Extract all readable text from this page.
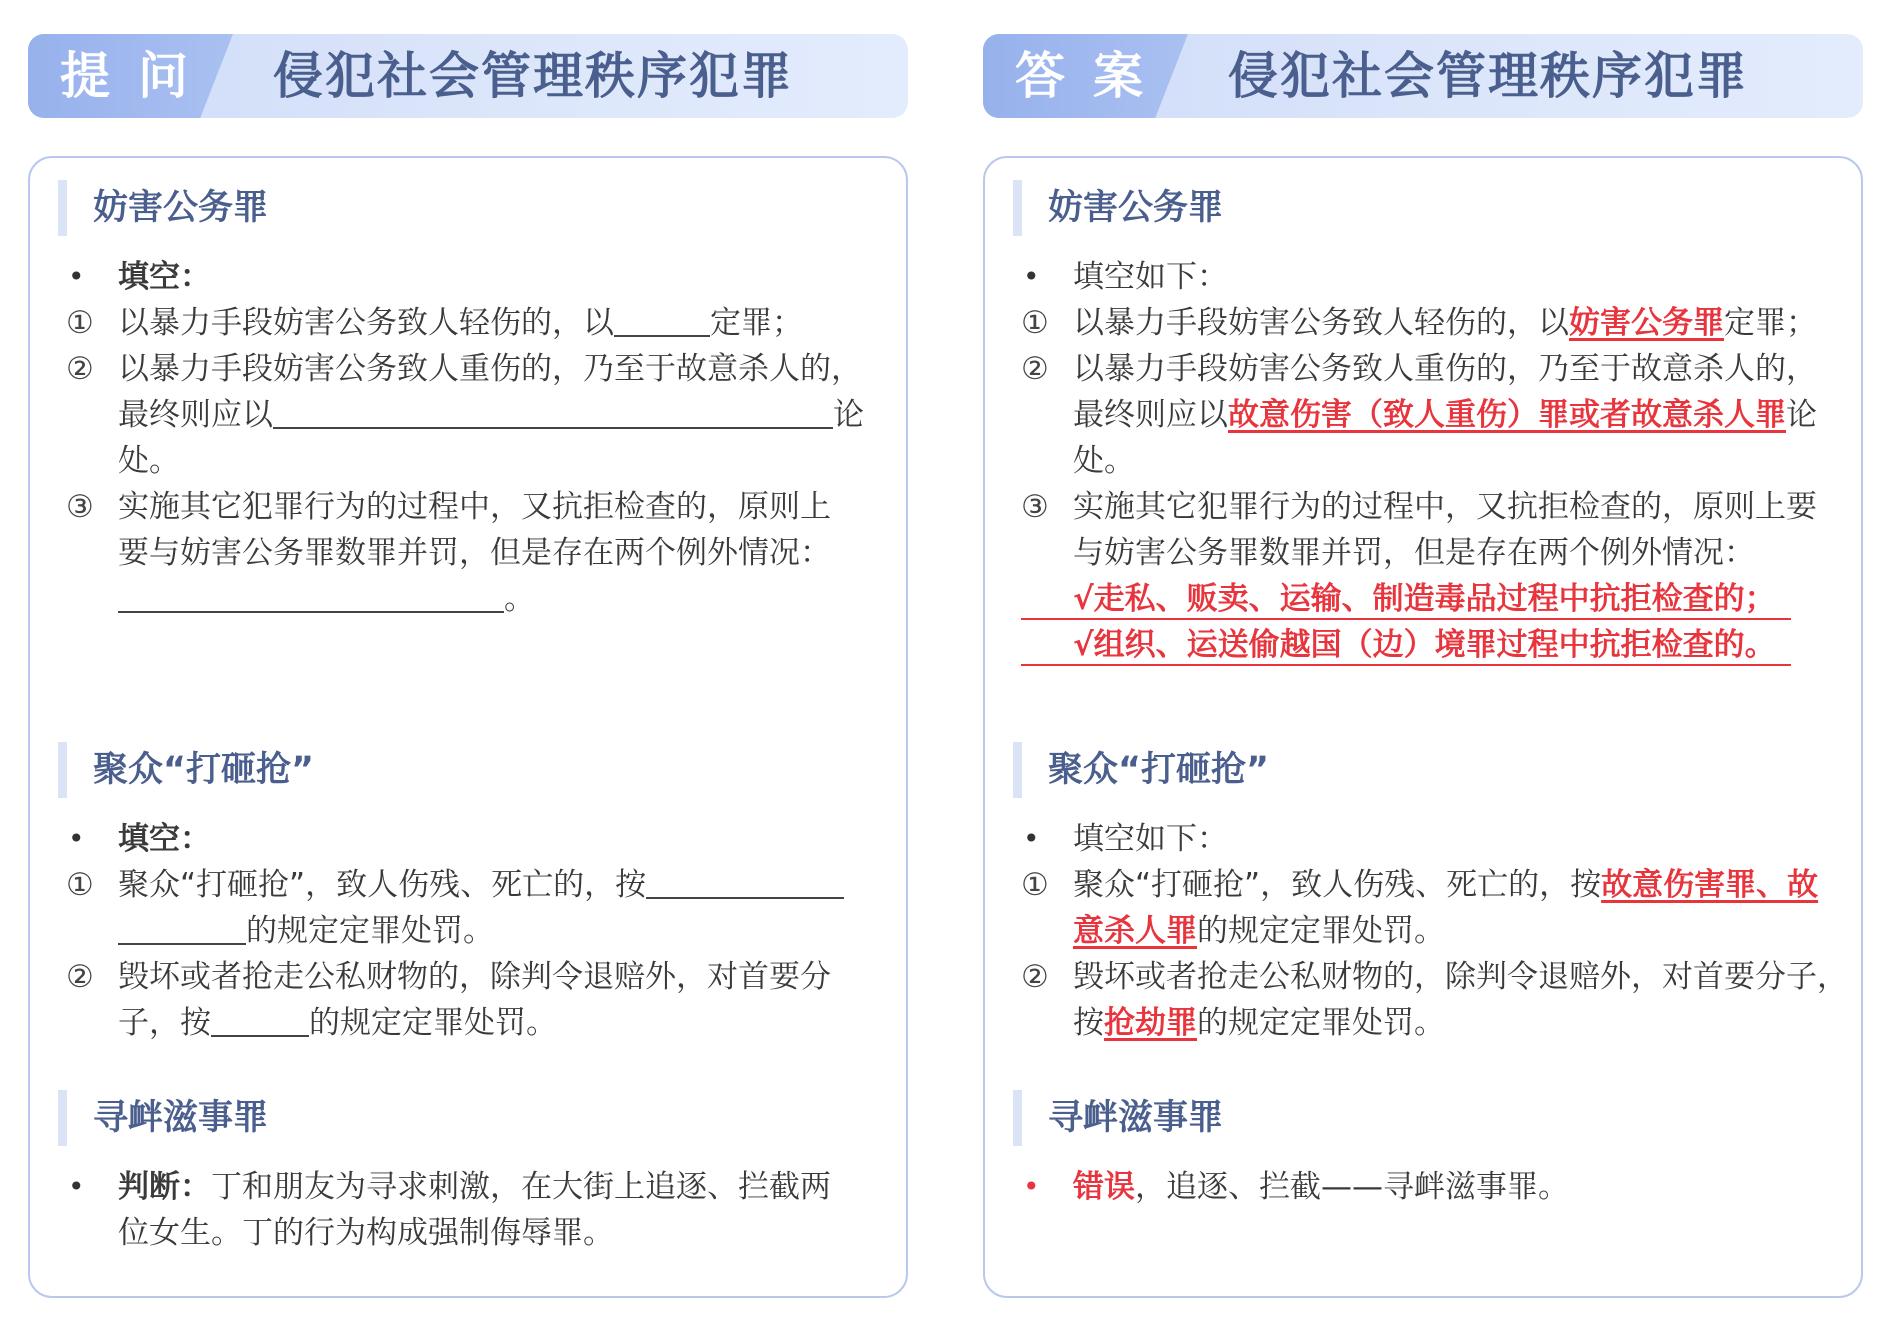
提问 侵犯社会管理秩序犯罪
妨害公务罪
• 填空：
① 以暴力手段妨害公务致人轻伤的，以	定罪；
② 以暴力手段妨害公务致人重伤的，乃至于故意杀人的，
最终则应以	论
处。
③ 实施其它犯罪行为的过程中，又抗拒检查的，原则上
要与妨害公务罪数罪并罚，但是存在两个例外情况：
。
聚众“打砸抢”
• 填空：
① 聚众“打砸抢”，致人伤残、死亡的，按
的规定定罪处罚。
② 毁坏或者抢走公私财物的，除判令退赔外，对首要分
子，按	的规定定罪处罚。
寻衅滋事罪
• 判断：丁和朋友为寻求刺激，在大街上追逐、拦截两
位女生。丁的行为构成强制侮辱罪。
答案 侵犯社会管理秩序犯罪
妨害公务罪
• 填空如下：
① 以暴力手段妨害公务致人轻伤的，以妨害公务罪定罪；
② 以暴力手段妨害公务致人重伤的，乃至于故意杀人的，
最终则应以故意伤害（致人重伤）罪或者故意杀人罪论
处。
③ 实施其它犯罪行为的过程中，又抗拒检查的，原则上要
与妨害公务罪数罪并罚，但是存在两个例外情况：
√走私、贩卖、运输、制造毒品过程中抗拒检查的；
√组织、运送偷越国（边）境罪过程中抗拒检查的。
聚众“打砸抢”
• 填空如下：
① 聚众“打砸抢”，致人伤残、死亡的，按故意伤害罪、故
意杀人罪的规定定罪处罚。
② 毁坏或者抢走公私财物的，除判令退赔外，对首要分子，
按抢劫罪的规定定罪处罚。
寻衅滋事罪
• 错误，追逐、拦截——寻衅滋事罪。
